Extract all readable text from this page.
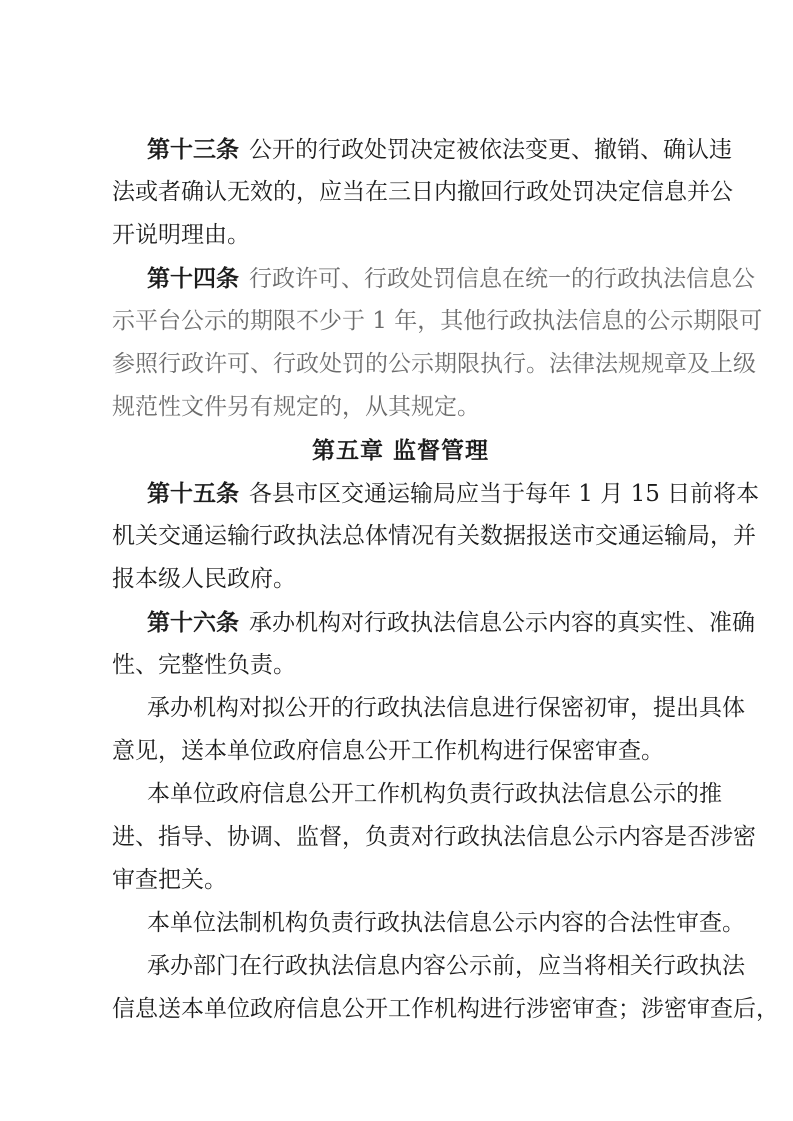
第十三条 公开的行政处罚决定被依法变更、撤销、确认违
法或者确认无效的，应当在三日内撤回行政处罚决定信息并公
开说明理由。
第十四条 行政许可、行政处罚信息在统一的行政执法信息公
示平台公示的期限不少于 1 年，其他行政执法信息的公示期限可
参照行政许可、行政处罚的公示期限执行。法律法规规章及上级
规范性文件另有规定的，从其规定。
第五章 监督管理
第十五条 各县市区交通运输局应当于每年 1 月 15 日前将本
机关交通运输行政执法总体情况有关数据报送市交通运输局，并
报本级人民政府。
第十六条 承办机构对行政执法信息公示内容的真实性、准确
性、完整性负责。
承办机构对拟公开的行政执法信息进行保密初审，提出具体
意见，送本单位政府信息公开工作机构进行保密审查。
本单位政府信息公开工作机构负责行政执法信息公示的推
进、指导、协调、监督，负责对行政执法信息公示内容是否涉密
审查把关。
本单位法制机构负责行政执法信息公示内容的合法性审查。
承办部门在行政执法信息内容公示前，应当将相关行政执法
信息送本单位政府信息公开工作机构进行涉密审查；涉密审查后，
